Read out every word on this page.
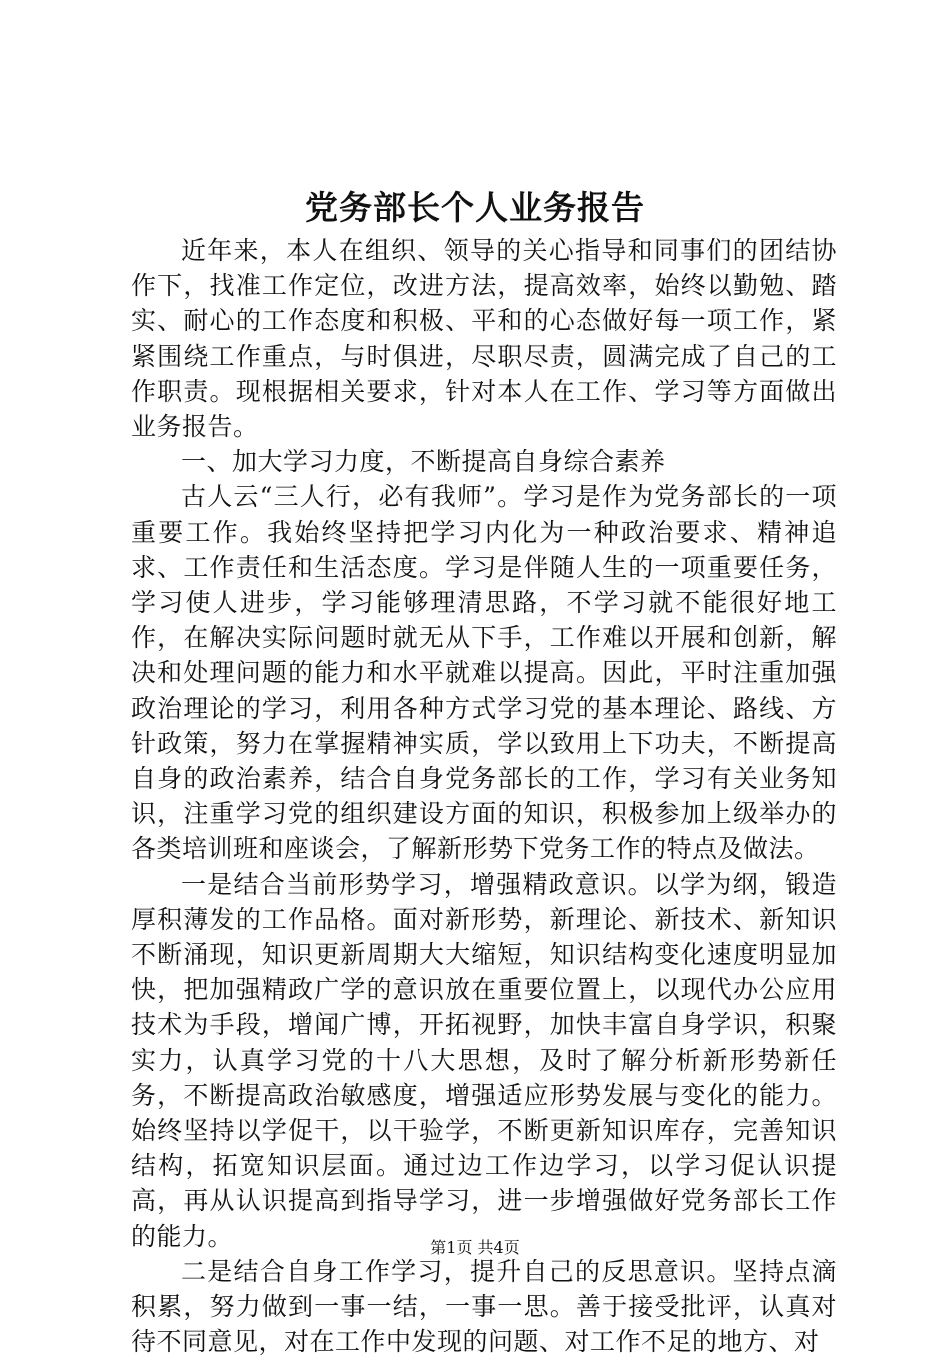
党务部长个人业务报告

近年来，本人在组织、领导的关心指导和同事们的团结协作下，找准工作定位，改进方法，提高效率，始终以勤勉、踏实、耐心的工作态度和积极、平和的心态做好每一项工作，紧紧围绕工作重点，与时俱进，尽职尽责，圆满完成了自己的工作职责。现根据相关要求，针对本人在工作、学习等方面做出业务报告。

一、加大学习力度，不断提高自身综合素养

古人云“三人行，必有我师”。学习是作为党务部长的一项重要工作。我始终坚持把学习内化为一种政治要求、精神追求、工作责任和生活态度。学习是伴随人生的一项重要任务，学习使人进步，学习能够理清思路，不学习就不能很好地工作，在解决实际问题时就无从下手，工作难以开展和创新，解决和处理问题的能力和水平就难以提高。因此，平时注重加强政治理论的学习，利用各种方式学习党的基本理论、路线、方针政策，努力在掌握精神实质，学以致用上下功夫，不断提高自身的政治素养，结合自身党务部长的工作，学习有关业务知识，注重学习党的组织建设方面的知识，积极参加上级举办的各类培训班和座谈会，了解新形势下党务工作的特点及做法。

一是结合当前形势学习，增强精政意识。以学为纲，锻造厚积薄发的工作品格。面对新形势，新理论、新技术、新知识不断涌现，知识更新周期大大缩短，知识结构变化速度明显加快，把加强精政广学的意识放在重要位置上，以现代办公应用技术为手段，增闻广博，开拓视野，加快丰富自身学识，积聚实力，认真学习党的十八大思想，及时了解分析新形势新任务，不断提高政治敏感度，增强适应形势发展与变化的能力。始终坚持以学促干，以干验学，不断更新知识库存，完善知识结构，拓宽知识层面。通过边工作边学习，以学习促认识提高，再从认识提高到指导学习，进一步增强做好党务部长工作的能力。

二是结合自身工作学习，提升自己的反思意识。坚持点滴积累，努力做到一事一结，一事一思。善于接受批评，认真对待不同意见，对在工作中发现的问题、对工作不足的地方、对

第1页 共4页
